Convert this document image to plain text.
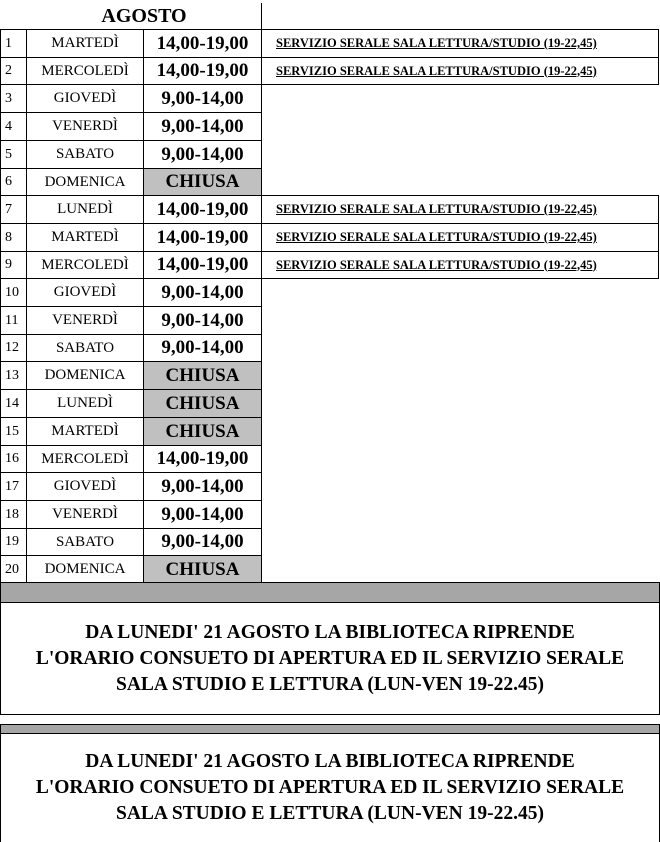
AGOSTO
1	MARTEDÌ	14,00-19,00	SERVIZIO SERALE SALA LETTURA/STUDIO (19-22,45)
2	MERCOLEDÌ	14,00-19,00	SERVIZIO SERALE SALA LETTURA/STUDIO (19-22,45)
3	GIOVEDÌ	9,00-14,00
4	VENERDÌ	9,00-14,00
5	SABATO	9,00-14,00
6	DOMENICA	CHIUSA
7	LUNEDÌ	14,00-19,00	SERVIZIO SERALE SALA LETTURA/STUDIO (19-22,45)
8	MARTEDÌ	14,00-19,00	SERVIZIO SERALE SALA LETTURA/STUDIO (19-22,45)
9	MERCOLEDÌ	14,00-19,00	SERVIZIO SERALE SALA LETTURA/STUDIO (19-22,45)
10	GIOVEDÌ	9,00-14,00
11	VENERDÌ	9,00-14,00
12	SABATO	9,00-14,00
13	DOMENICA	CHIUSA
14	LUNEDÌ	CHIUSA
15	MARTEDÌ	CHIUSA
16	MERCOLEDÌ	14,00-19,00
17	GIOVEDÌ	9,00-14,00
18	VENERDÌ	9,00-14,00
19	SABATO	9,00-14,00
20	DOMENICA	CHIUSA
DA LUNEDI' 21 AGOSTO LA BIBLIOTECA RIPRENDE
L'ORARIO CONSUETO DI APERTURA ED IL SERVIZIO SERALE
SALA STUDIO E LETTURA (LUN-VEN 19-22.45)
DA LUNEDI' 21 AGOSTO LA BIBLIOTECA RIPRENDE
L'ORARIO CONSUETO DI APERTURA ED IL SERVIZIO SERALE
SALA STUDIO E LETTURA (LUN-VEN 19-22.45)
